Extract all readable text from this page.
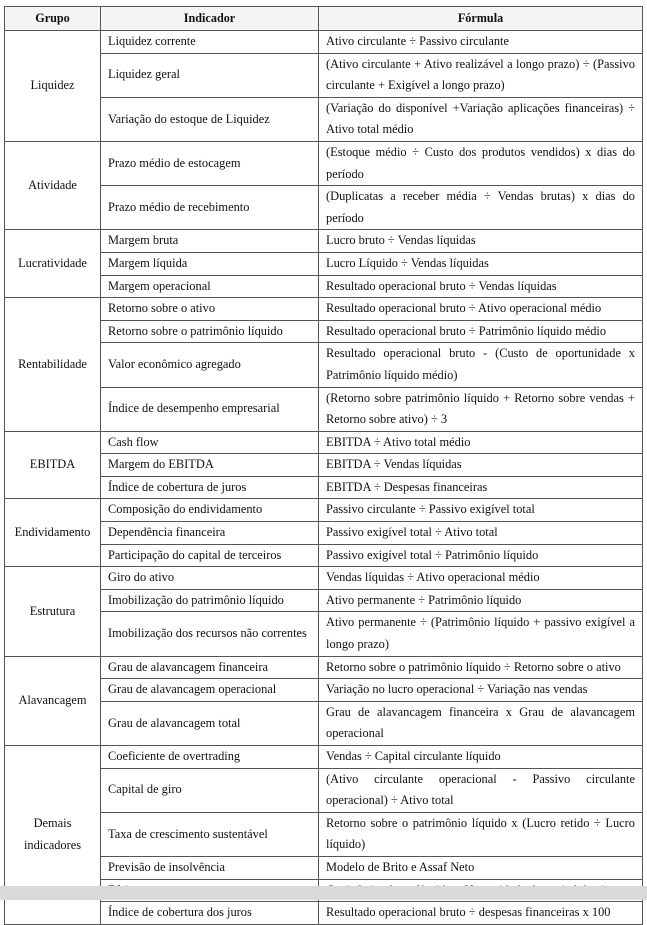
Grupo	Indicador	Fórmula
Liquidez	Liquidez corrente	Ativo circulante ÷ Passivo circulante
	Liquidez geral	(Ativo circulante + Ativo realizável a longo prazo) ÷ (Passivo circulante + Exigível a longo prazo)
	Variação do estoque de Liquidez	(Variação do disponível +Variação aplicações financeiras) ÷ Ativo total médio
Atividade	Prazo médio de estocagem	(Estoque médio ÷ Custo dos produtos vendidos) x dias do período
	Prazo médio de recebimento	(Duplicatas a receber média ÷ Vendas brutas) x dias do período
Lucratividade	Margem bruta	Lucro bruto ÷ Vendas líquidas
	Margem líquida	Lucro Líquido ÷ Vendas líquidas
	Margem operacional	Resultado operacional bruto ÷ Vendas líquidas
Rentabilidade	Retorno sobre o ativo	Resultado operacional bruto ÷ Ativo operacional médio
	Retorno sobre o patrimônio líquido	Resultado operacional bruto ÷ Patrimônio líquido médio
	Valor econômico agregado	Resultado operacional bruto - (Custo de oportunidade x Patrimônio líquido médio)
	Índice de desempenho empresarial	(Retorno sobre patrimônio líquido + Retorno sobre vendas + Retorno sobre ativo) ÷ 3
EBITDA	Cash flow	EBITDA ÷ Ativo total médio
	Margem do EBITDA	EBITDA ÷ Vendas líquidas
	Índice de cobertura de juros	EBITDA ÷ Despesas financeiras
Endividamento	Composição do endividamento	Passivo circulante ÷ Passivo exigível total
	Dependência financeira	Passivo exigível total ÷ Ativo total
	Participação do capital de terceiros	Passivo exigível total ÷ Patrimônio líquido
Estrutura	Giro do ativo	Vendas líquidas ÷ Ativo operacional médio
	Imobilização do patrimônio líquido	Ativo permanente ÷ Patrimônio líquido
	Imobilização dos recursos não correntes	Ativo permanente ÷ (Patrimônio líquido + passivo exigível a longo prazo)
Alavancagem	Grau de alavancagem financeira	Retorno sobre o patrimônio líquido ÷ Retorno sobre o ativo
	Grau de alavancagem operacional	Variação no lucro operacional ÷ Variação nas vendas
	Grau de alavancagem total	Grau de alavancagem financeira x Grau de alavancagem operacional
Demais indicadores	Coeficiente de overtrading	Vendas ÷ Capital circulante líquido
	Capital de giro	(Ativo circulante operacional - Passivo circulante operacional) ÷ Ativo total
	Taxa de crescimento sustentável	Retorno sobre o patrimônio líquido x (Lucro retido ÷ Lucro líquido)
	Previsão de insolvência	Modelo de Brito e Assaf Neto

	Índice de cobertura dos juros	Resultado operacional bruto ÷ despesas financeiras x 100
